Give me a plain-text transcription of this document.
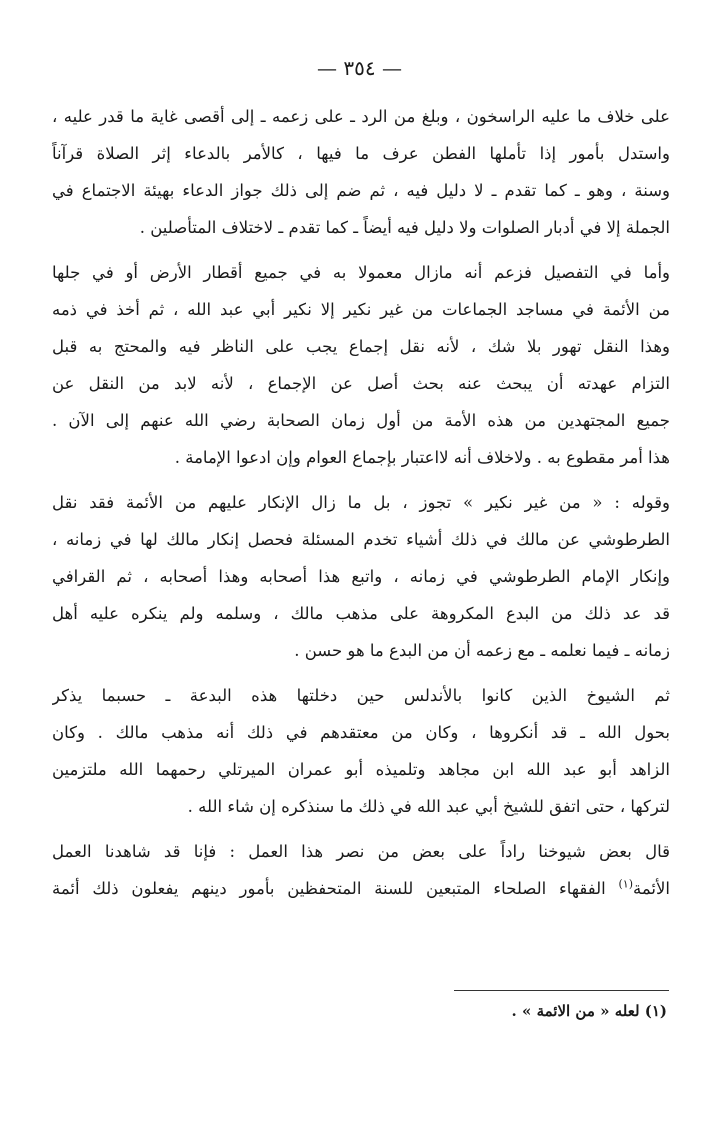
— ٣٥٤ —
على خلاف ما عليه الراسخون ، وبلغ من الرد ـ على زعمه ـ إلى أقصى غاية ما قدر عليه ،
واستدل بأمور إذا تأملها الفطن عرف ما فيها ، كالأمر بالدعاء إثر الصلاة قرآناً
وسنة ، وهو ـ كما تقدم ـ لا دليل فيه ، ثم ضم إلى ذلك جواز الدعاء بهيئة الاجتماع في
الجملة إلا في أدبار الصلوات ولا دليل فيه أيضاً ـ كما تقدم ـ لاختلاف المتأصلين .
وأما في التفصيل فزعم أنه مازال معمولا به في جميع أقطار الأرض أو في جلها
من الأئمة في مساجد الجماعات من غير نكير إلا نكير أبي عبد الله ، ثم أخذ في ذمه
وهذا النقل تهور بلا شك ، لأنه نقل إجماع يجب على الناظر فيه والمحتج به قبل
التزام عهدته أن يبحث عنه بحث أصل عن الإجماع ، لأنه لابد من النقل عن
جميع المجتهدين من هذه الأمة من أول زمان الصحابة رضي الله عنهم إلى الآن .
هذا أمر مقطوع به . ولاخلاف أنه لااعتبار بإجماع العوام وإن ادعوا الإمامة .
وقوله : « من غير نكير » تجوز ، بل ما زال الإنكار عليهم من الأئمة فقد نقل
الطرطوشي عن مالك في ذلك أشياء تخدم المسئلة فحصل إنكار مالك لها في زمانه ،
وإنكار الإمام الطرطوشي في زمانه ، واتبع هذا أصحابه وهذا أصحابه ، ثم القرافي
قد عد ذلك من البدع المكروهة على مذهب مالك ، وسلمه ولم ينكره عليه أهل
زمانه ـ فيما نعلمه ـ مع زعمه أن من البدع ما هو حسن .
ثم الشيوخ الذين كانوا بالأندلس حين دخلتها هذه البدعة ـ حسبما يذكر
بحول الله ـ قد أنكروها ، وكان من معتقدهم في ذلك أنه مذهب مالك . وكان
الزاهد أبو عبد الله ابن مجاهد وتلميذه أبو عمران الميرتلي رحمهما الله ملتزمين
لتركها ، حتى اتفق للشيخ أبي عبد الله في ذلك ما سنذكره إن شاء الله .
قال بعض شيوخنا راداً على بعض من نصر هذا العمل : فإنا قد شاهدنا العمل
الأئمة$^{(١)}$ الفقهاء الصلحاء المتبعين للسنة المتحفظين بأمور دينهم يفعلون ذلك أئمة
(١) لعله « من الائمة » .
